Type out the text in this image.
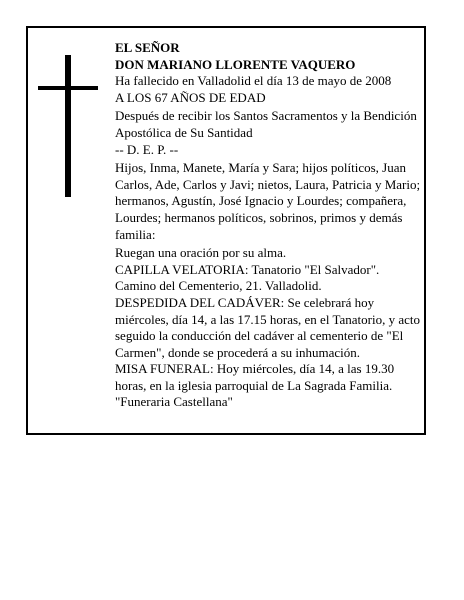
EL SEÑOR

DON MARIANO LLORENTE VAQUERO

Ha fallecido en Valladolid el día 13 de mayo de 2008

A LOS 67 AÑOS DE EDAD

Después de recibir los Santos Sacramentos y la Bendición Apostólica de Su Santidad

-- D. E. P. --

Hijos, Inma, Manete, María y Sara; hijos políticos, Juan Carlos, Ade, Carlos y Javi; nietos, Laura, Patricia y Mario; hermanos, Agustín, José Ignacio y Lourdes; compañera, Lourdes; hermanos políticos, sobrinos, primos y demás familia:

Ruegan una oración por su alma.

CAPILLA VELATORIA: Tanatorio "El Salvador". Camino del Cementerio, 21. Valladolid.

DESPEDIDA DEL CADÁVER: Se celebrará hoy miércoles, día 14, a las 17.15 horas, en el Tanatorio, y acto seguido la conducción del cadáver al cementerio de "El Carmen", donde se procederá a su inhumación.

MISA FUNERAL: Hoy miércoles, día 14, a las 19.30 horas, en la iglesia parroquial de La Sagrada Familia.

"Funeraria Castellana"
